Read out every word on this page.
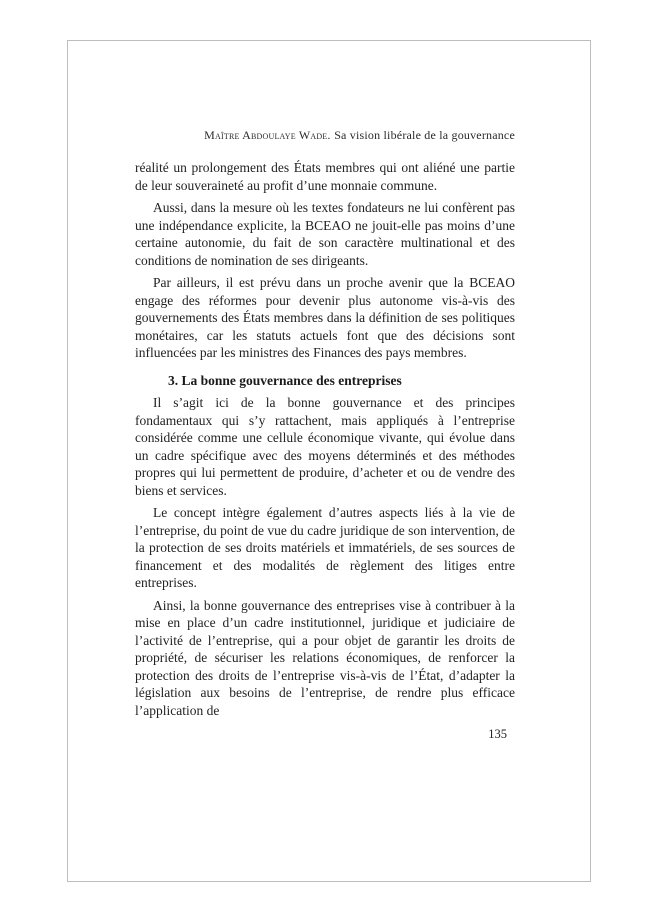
Maître Abdoulaye Wade. Sa vision libérale de la gouvernance

réalité un prolongement des États membres qui ont aliéné une partie de leur souveraineté au profit d’une monnaie commune.

Aussi, dans la mesure où les textes fondateurs ne lui confèrent pas une indépendance explicite, la BCEAO ne jouit-elle pas moins d’une certaine autonomie, du fait de son caractère multinational et des conditions de nomination de ses dirigeants.

Par ailleurs, il est prévu dans un proche avenir que la BCEAO engage des réformes pour devenir plus autonome vis-à-vis des gouvernements des États membres dans la définition de ses politiques monétaires, car les statuts actuels font que des décisions sont influencées par les ministres des Finances des pays membres.

3. La bonne gouvernance des entreprises

Il s’agit ici de la bonne gouvernance et des principes fondamentaux qui s’y rattachent, mais appliqués à l’entreprise considérée comme une cellule économique vivante, qui évolue dans un cadre spécifique avec des moyens déterminés et des méthodes propres qui lui permettent de produire, d’acheter et ou de vendre des biens et services.

Le concept intègre également d’autres aspects liés à la vie de l’entreprise, du point de vue du cadre juridique de son intervention, de la protection de ses droits matériels et immatériels, de ses sources de financement et des modalités de règlement des litiges entre entreprises.

Ainsi, la bonne gouvernance des entreprises vise à contribuer à la mise en place d’un cadre institutionnel, juridique et judiciaire de l’activité de l’entreprise, qui a pour objet de garantir les droits de propriété, de sécuriser les relations économiques, de renforcer la protection des droits de l’entreprise vis-à-vis de l’État, d’adapter la législation aux besoins de l’entreprise, de rendre plus efficace l’application de

135
